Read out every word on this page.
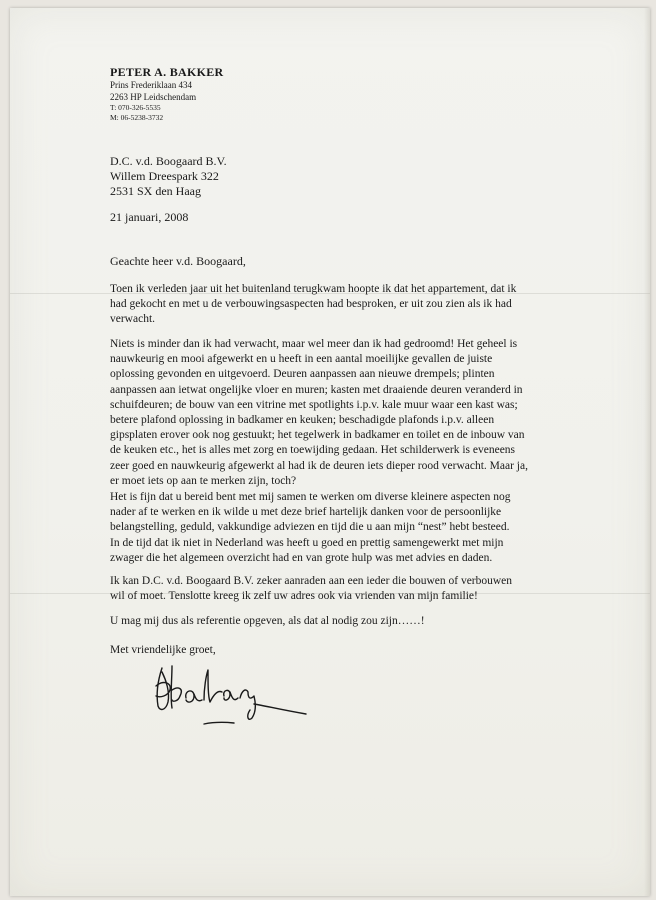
PETER A. BAKKER
Prins Frederiklaan 434
2263 HP Leidschendam
T: 070-326-5535
M: 06-5238-3732
D.C. v.d. Boogaard B.V.
Willem Dreespark 322
2531 SX den Haag
21 januari, 2008
Geachte heer v.d. Boogaard,
Toen ik verleden jaar uit het buitenland terugkwam hoopte ik dat het appartement, dat ik
had gekocht en met u de verbouwingsaspecten had besproken, er uit zou zien als ik had
verwacht.
Niets is minder dan ik had verwacht, maar wel meer dan ik had gedroomd! Het geheel is
nauwkeurig en mooi afgewerkt en u heeft in een aantal moeilijke gevallen de juiste
oplossing gevonden en uitgevoerd. Deuren aanpassen aan nieuwe drempels; plinten
aanpassen aan ietwat ongelijke vloer en muren; kasten met draaiende deuren veranderd in
schuifdeuren; de bouw van een vitrine met spotlights i.p.v. kale muur waar een kast was;
betere plafond oplossing in badkamer en keuken; beschadigde plafonds i.p.v. alleen
gipsplaten erover ook nog gestuukt; het tegelwerk in badkamer en toilet en de inbouw van
de keuken etc., het is alles met zorg en toewijding gedaan. Het schilderwerk is eveneens
zeer goed en nauwkeurig afgewerkt al had ik de deuren iets dieper rood verwacht. Maar ja,
er moet iets op aan te merken zijn, toch?
Het is fijn dat u bereid bent met mij samen te werken om diverse kleinere aspecten nog
nader af te werken en ik wilde u met deze brief hartelijk danken voor de persoonlijke
belangstelling, geduld, vakkundige adviezen en tijd die u aan mijn “nest” hebt besteed.
In de tijd dat ik niet in Nederland was heeft u goed en prettig samengewerkt met mijn
zwager die het algemeen overzicht had en van grote hulp was met advies en daden.
Ik kan D.C. v.d. Boogaard B.V. zeker aanraden aan een ieder die bouwen of verbouwen
wil of moet. Tenslotte kreeg ik zelf uw adres ook via vrienden van mijn familie!
U mag mij dus als referentie opgeven, als dat al nodig zou zijn……!
Met vriendelijke groet,
